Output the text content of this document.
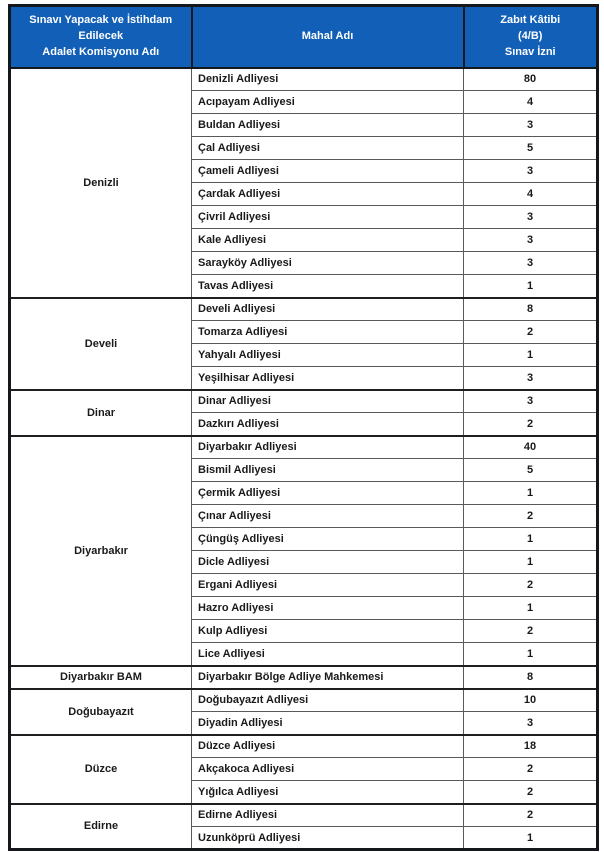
Sınavı Yapacak ve İstihdam Edilecek
Adalet Komisyonu Adı
	Mahal Adı	
Zabıt Kâtibi
(4/B)
Sınav İzni

Denizli	Denizli Adliyesi	80
	Acıpayam Adliyesi	4
	Buldan Adliyesi	3
	Çal Adliyesi	5
	Çameli Adliyesi	3
	Çardak Adliyesi	4
	Çivril Adliyesi	3
	Kale Adliyesi	3
	Sarayköy Adliyesi	3
	Tavas Adliyesi	1
Develi	Develi Adliyesi	8
	Tomarza Adliyesi	2
	Yahyalı Adliyesi	1
	Yeşilhisar Adliyesi	3
Dinar	Dinar Adliyesi	3
	Dazkırı Adliyesi	2
Diyarbakır	Diyarbakır Adliyesi	40
	Bismil Adliyesi	5
	Çermik Adliyesi	1
	Çınar Adliyesi	2
	Çüngüş Adliyesi	1
	Dicle Adliyesi	1
	Ergani Adliyesi	2
	Hazro Adliyesi	1
	Kulp Adliyesi	2
	Lice Adliyesi	1
Diyarbakır BAM	Diyarbakır Bölge Adliye Mahkemesi	8
Doğubayazıt	Doğubayazıt Adliyesi	10
	Diyadin Adliyesi	3
Düzce	Düzce Adliyesi	18
	Akçakoca Adliyesi	2
	Yığılca Adliyesi	2
Edirne	Edirne Adliyesi	2
	Uzunköprü Adliyesi	1
